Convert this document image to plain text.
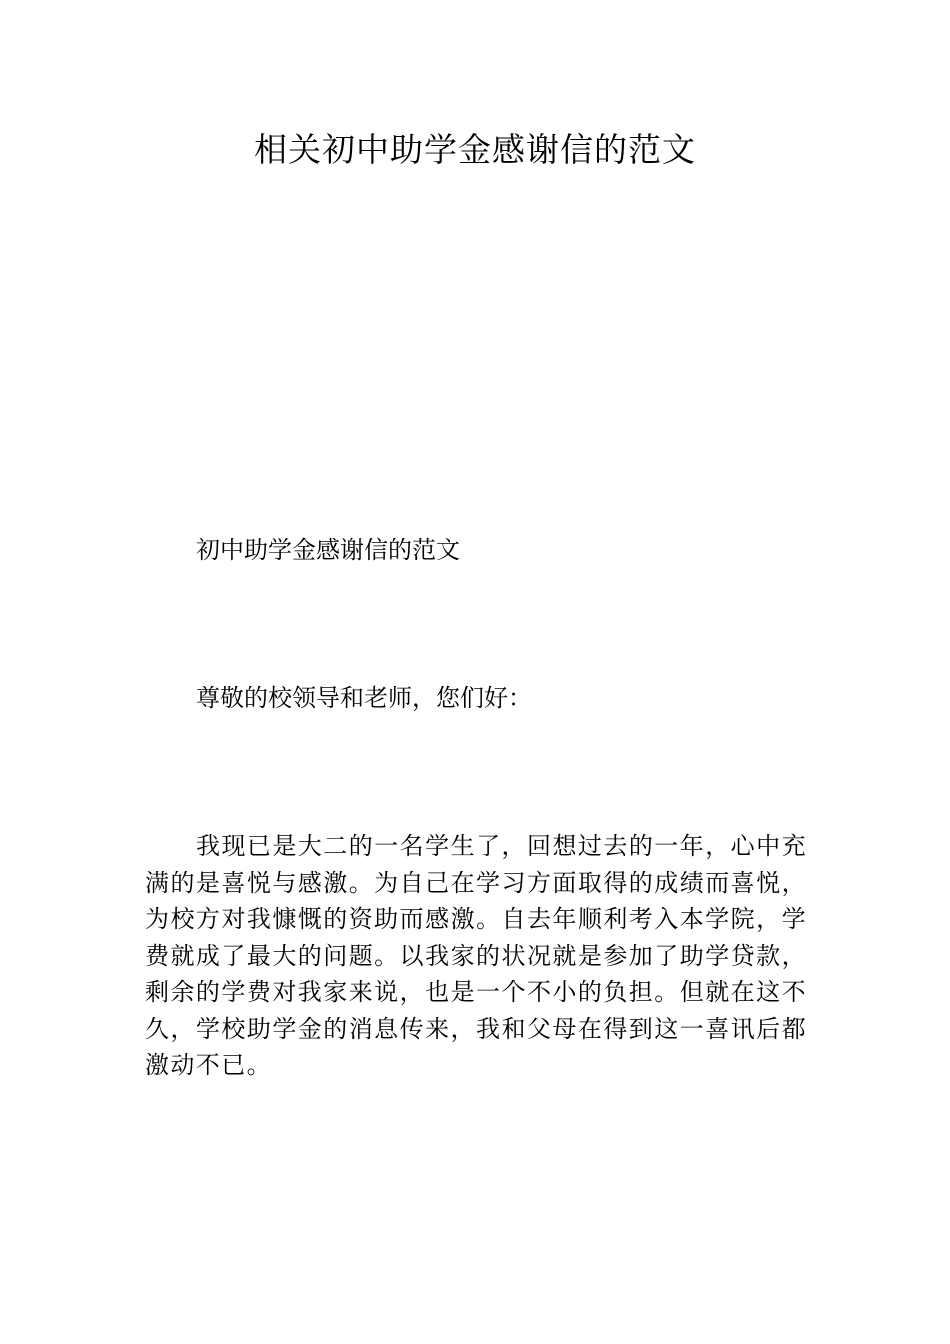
相关初中助学金感谢信的范文

初中助学金感谢信的范文

尊敬的校领导和老师，您们好：

我现已是大二的一名学生了，回想过去的一年，心中充满的是喜悦与感激。为自己在学习方面取得的成绩而喜悦，为校方对我慷慨的资助而感激。自去年顺利考入本学院，学费就成了最大的问题。以我家的状况就是参加了助学贷款，剩余的学费对我家来说，也是一个不小的负担。但就在这不久，学校助学金的消息传来，我和父母在得到这一喜讯后都激动不已。
